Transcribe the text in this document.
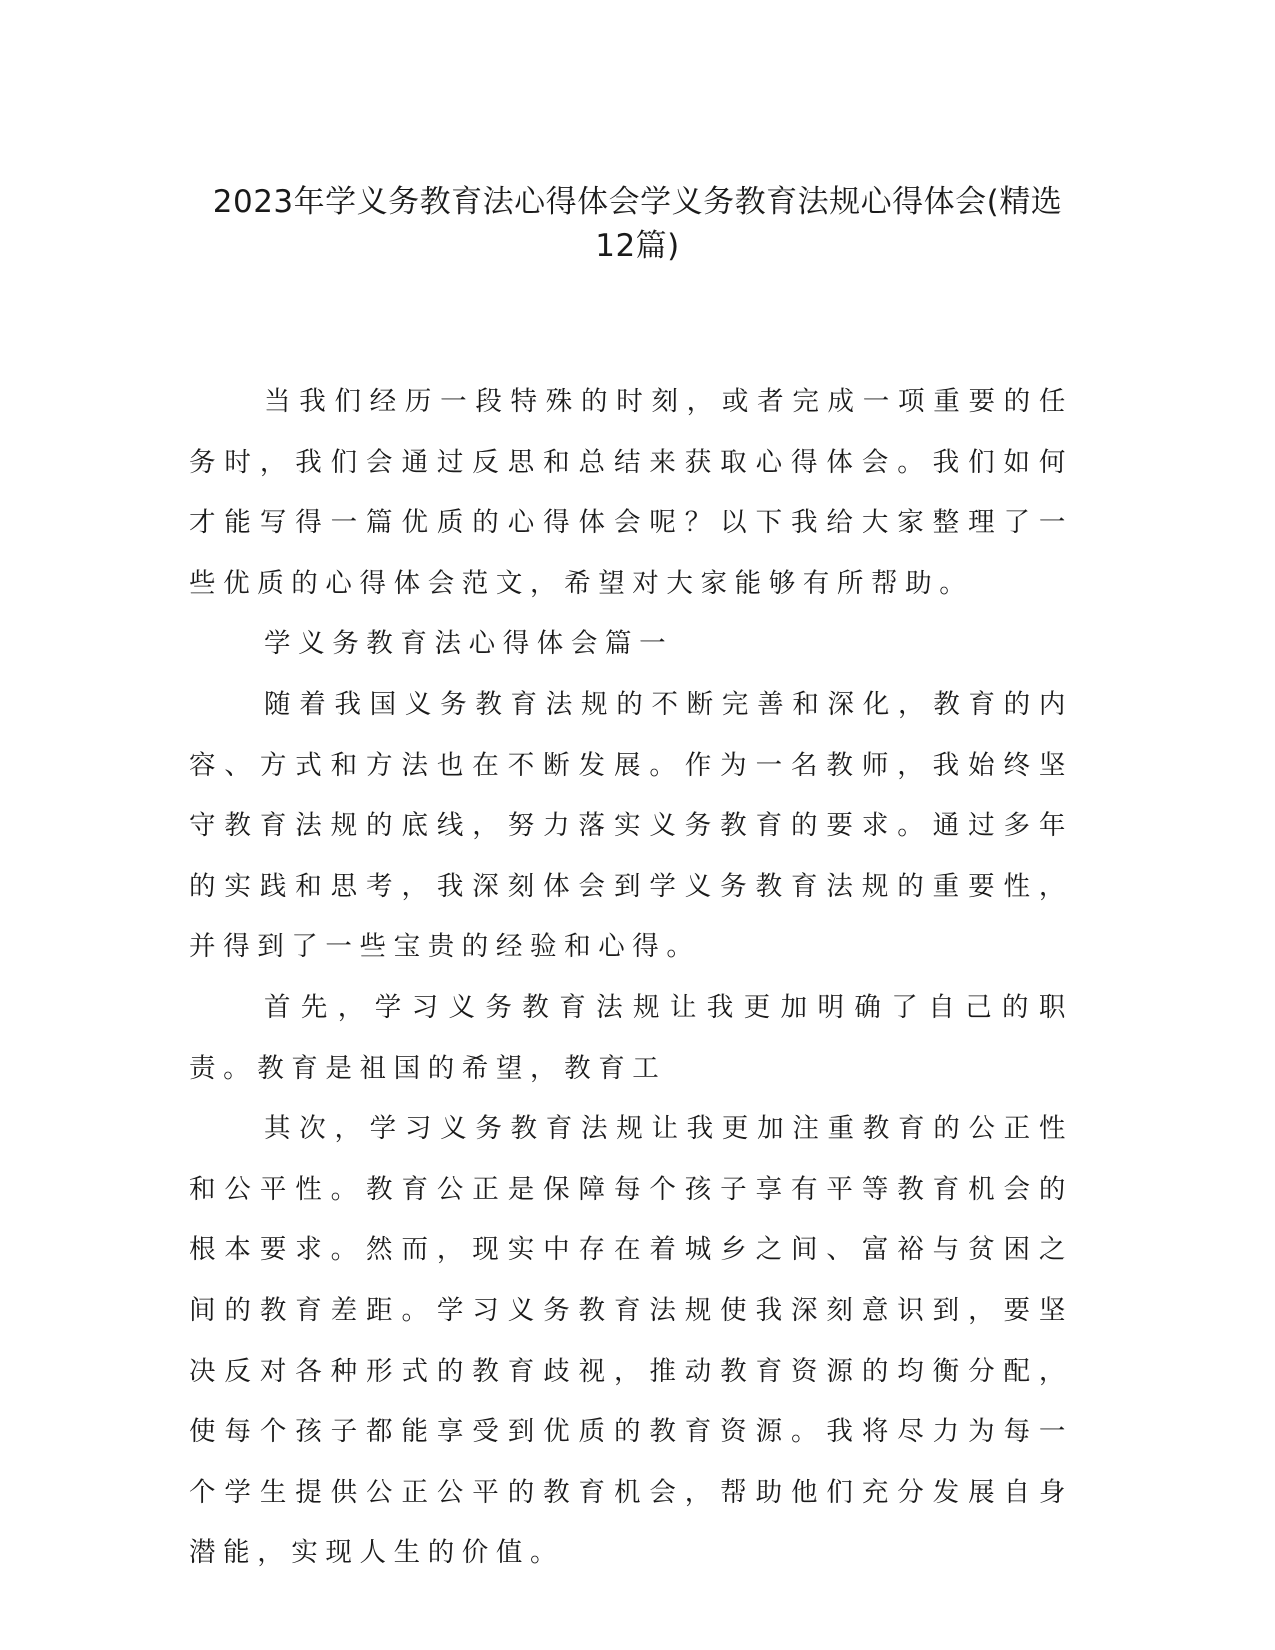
2023年学义务教育法心得体会学义务教育法规心得体会(精选
12篇)

当我们经历一段特殊的时刻，或者完成一项重要的任务时，我们会通过反思和总结来获取心得体会。我们如何才能写得一篇优质的心得体会呢？以下我给大家整理了一些优质的心得体会范文，希望对大家能够有所帮助。

学义务教育法心得体会篇一

随着我国义务教育法规的不断完善和深化，教育的内容、方式和方法也在不断发展。作为一名教师，我始终坚守教育法规的底线，努力落实义务教育的要求。通过多年的实践和思考，我深刻体会到学义务教育法规的重要性，并得到了一些宝贵的经验和心得。

首先，学习义务教育法规让我更加明确了自己的职责。教育是祖国的希望，教育工

其次，学习义务教育法规让我更加注重教育的公正性和公平性。教育公正是保障每个孩子享有平等教育机会的根本要求。然而，现实中存在着城乡之间、富裕与贫困之间的教育差距。学习义务教育法规使我深刻意识到，要坚决反对各种形式的教育歧视，推动教育资源的均衡分配，使每个孩子都能享受到优质的教育资源。我将尽力为每一个学生提供公正公平的教育机会，帮助他们充分发展自身潜能，实现人生的价值。
